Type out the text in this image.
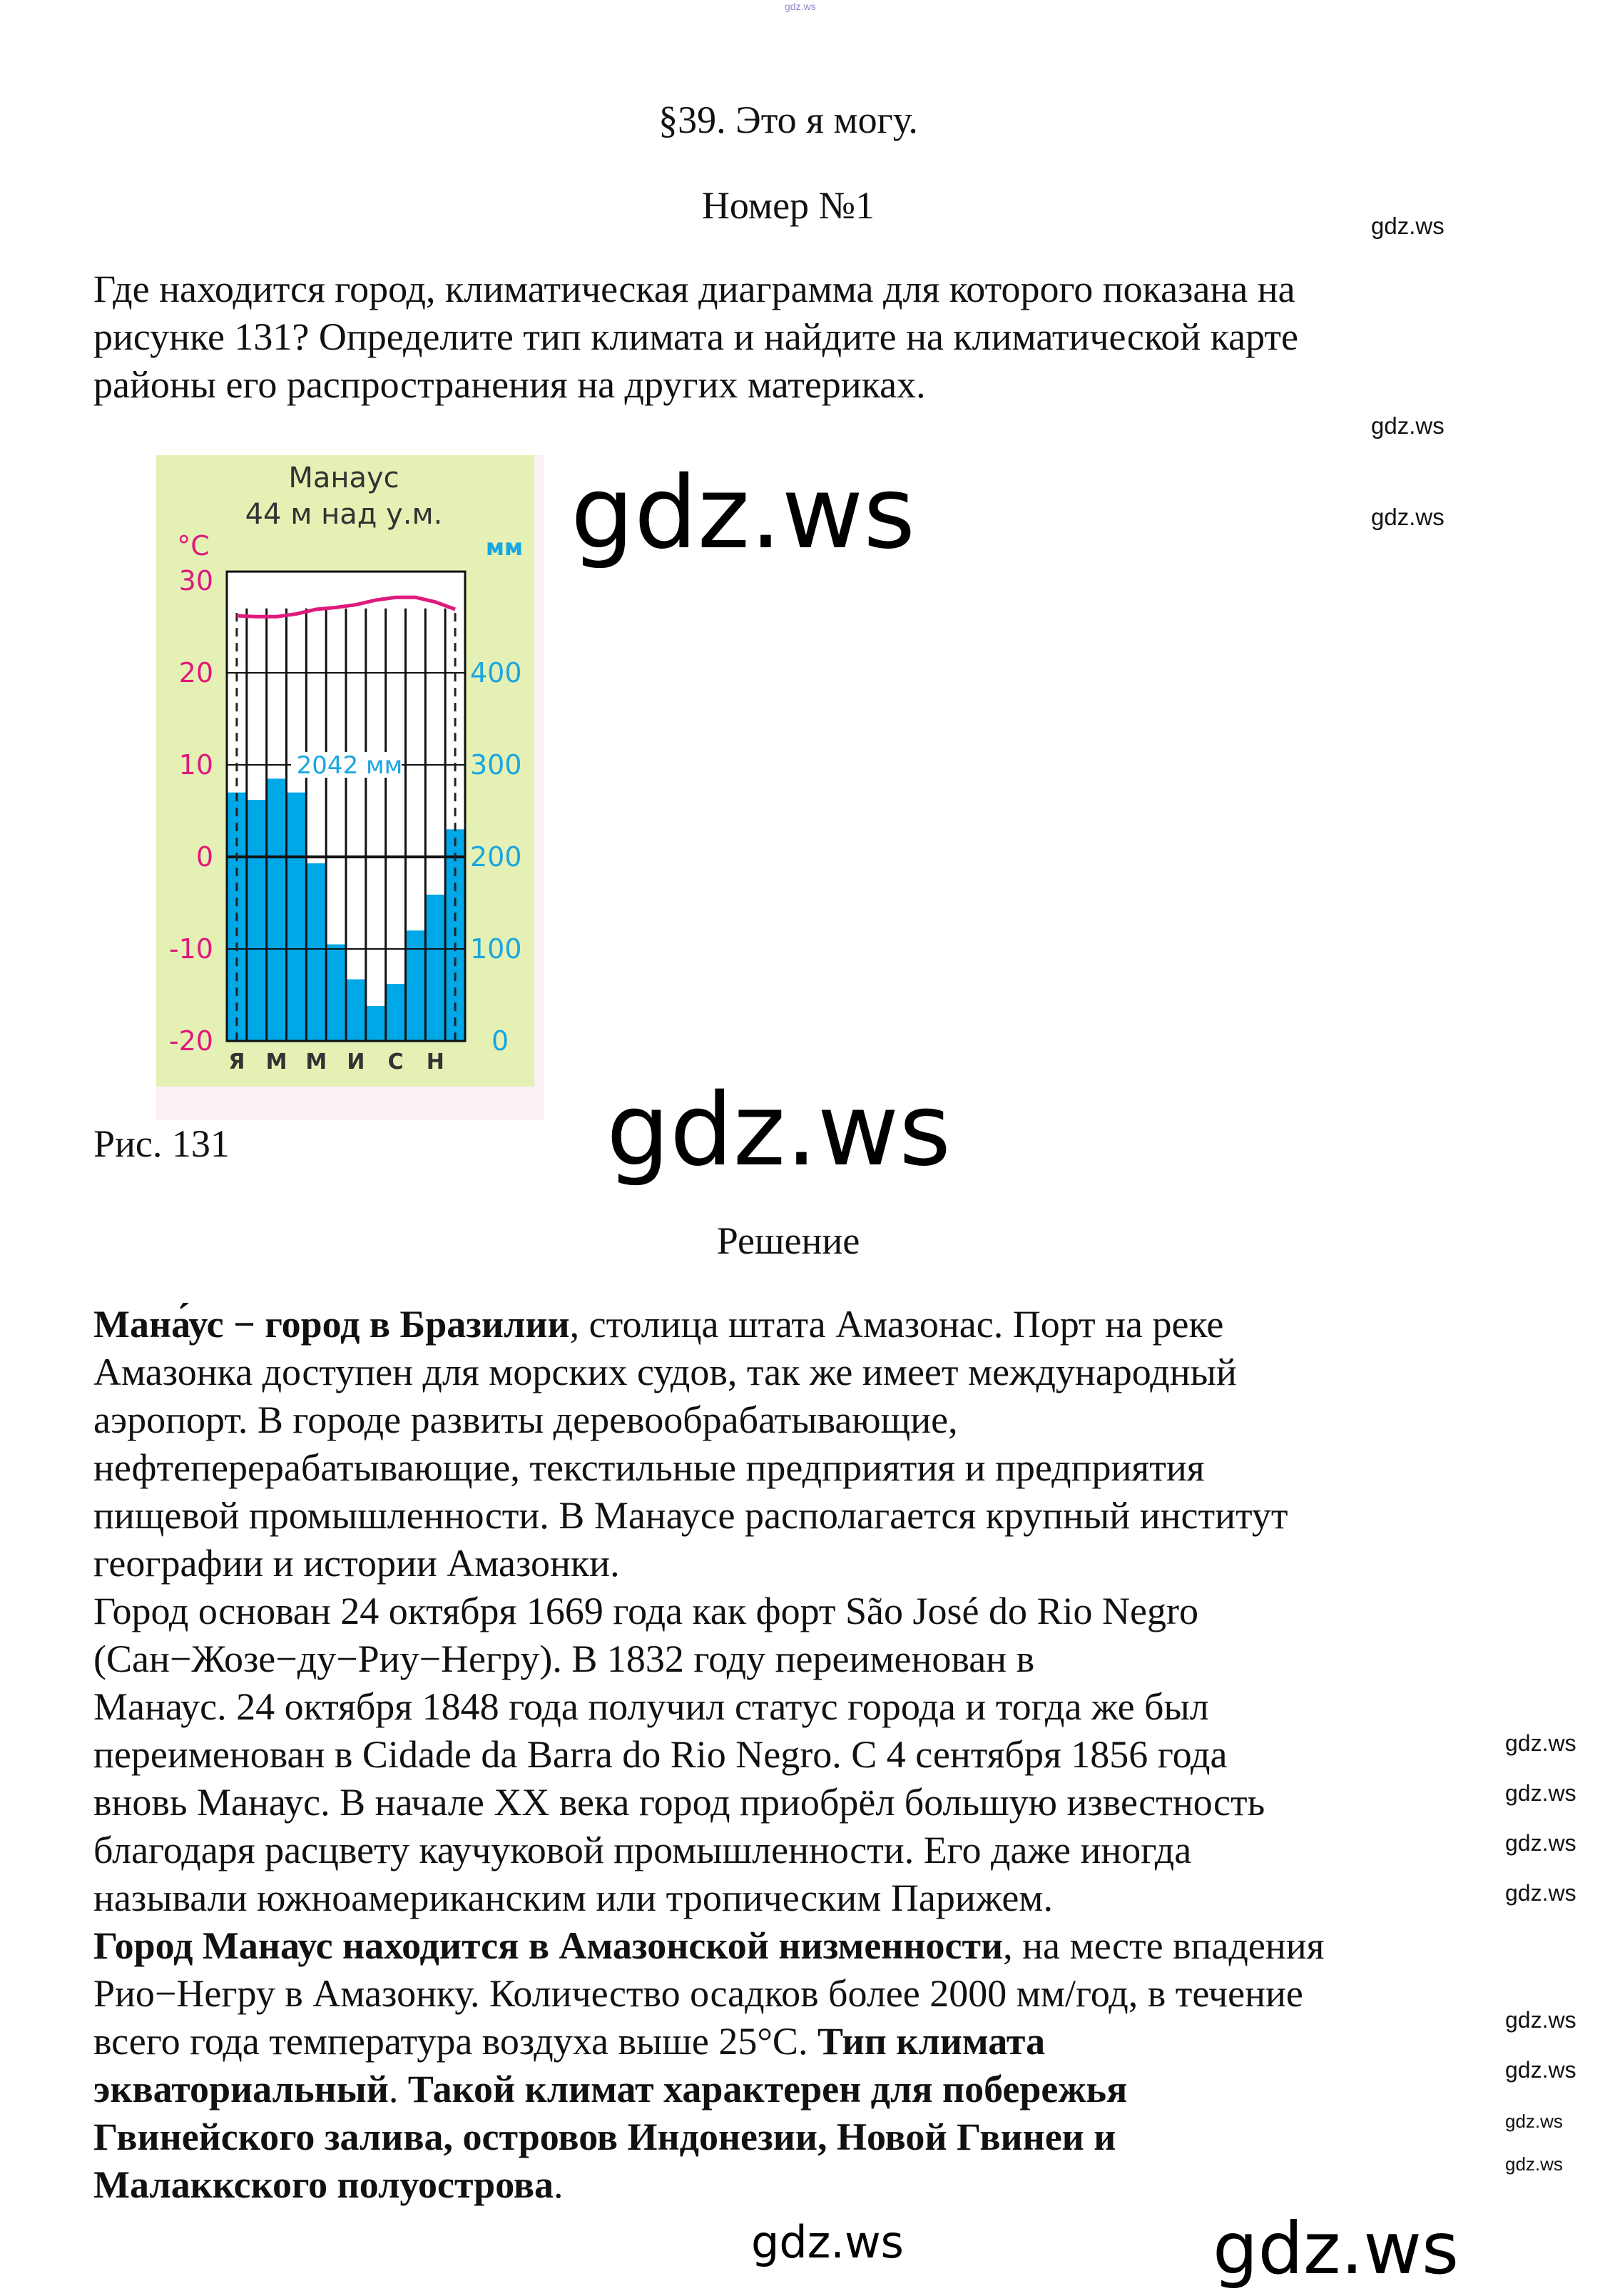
§39. Это я могу.
Номер №1
Где находится город, климатическая диаграмма для которого показана на
рисунке 131? Определите тип климата и найдите на климатической карте
районы его распространения на других материках.
2042 мм
30
20
10
0
-10
-20
400
300
200
100
0
Я М М И С Н
Манаус
44 м над у.м.
°С	мм
Рис. 131
Решение
Мана́ус − город в Бразилии, столица штата Амазонас. Порт на реке
Амазонка доступен для морских судов, так же имеет международный
аэропорт. В городе развиты деревообрабатывающие,
нефтеперерабатывающие, текстильные предприятия и предприятия
пищевой промышленности. В Манаусе располагается крупный институт
географии и истории Амазонки.
Город основан 24 октября 1669 года как форт São José do Rio Negro
(Сан−Жозе−ду−Риу−Негру). В 1832 году переименован в
Манаус. 24 октября 1848 года получил статус города и тогда же был
переименован в Cidade da Barra do Rio Negro. С 4 сентября 1856 года
вновь Манаус. В начале XX века город приобрёл большую известность
благодаря расцвету каучуковой промышленности. Его даже иногда
называли южноамериканским или тропическим Парижем.
Город Манаус находится в Амазонской низменности, на месте впадения
Рио−Негру в Амазонку. Количество осадков более 2000 мм/год, в течение
всего года температура воздуха выше 25°С. Тип климата
экваториальный. Такой климат характерен для побережья
Гвинейского залива, островов Индонезии, Новой Гвинеи и
Малаккского полуострова.
gdz.ws
gdz.ws
gdz.ws
gdz.ws
gdz.ws
gdz.ws
gdz.ws
gdz.ws
gdz.ws
gdz.ws
gdz.ws
gdz.ws
gdz.ws
gdz.ws
gdz.ws	gdz.ws
